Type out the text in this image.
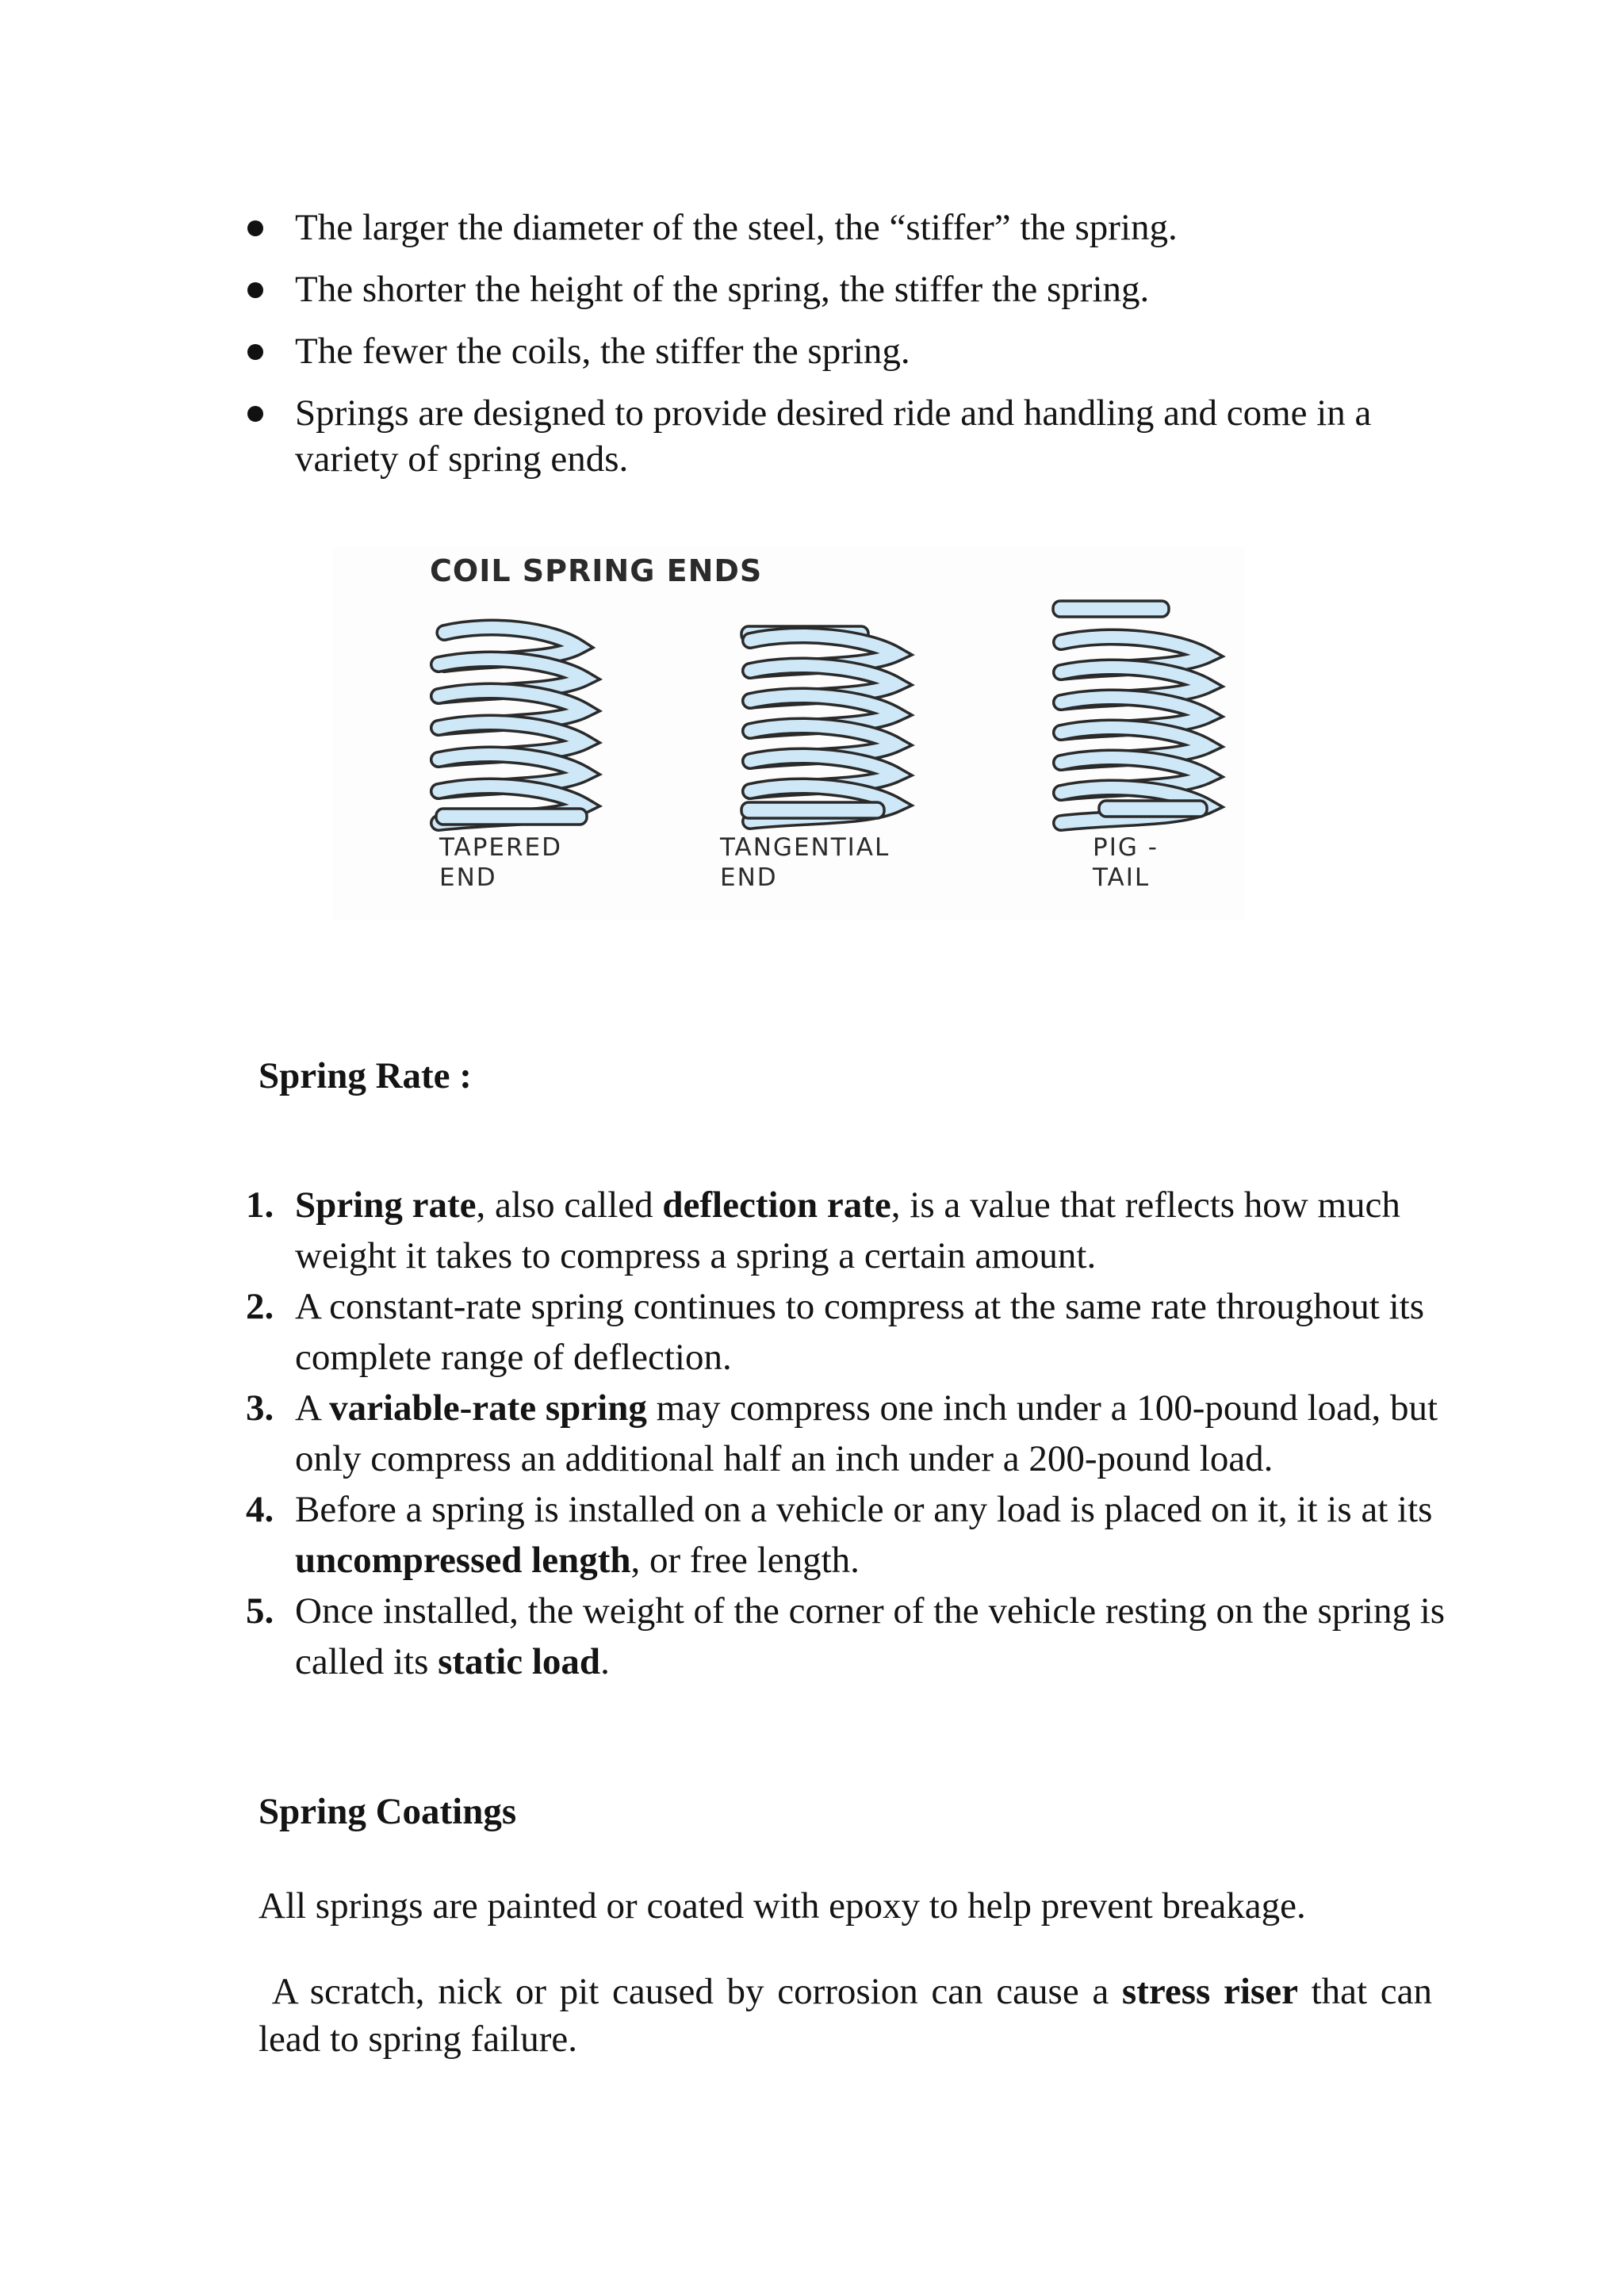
The larger the diameter of the steel, the “stiffer” the spring.
The shorter the height of the spring, the stiffer the spring.
The fewer the coils, the stiffer the spring.
Springs are designed to provide desired ride and handling and come in a variety of spring ends.
COIL SPRING ENDS
TAPERED
END
TANGENTIAL
END
PIG -
TAIL
Spring Rate :
1. Spring rate, also called deflection rate, is a value that reflects how much weight it takes to compress a spring a certain amount.
2. A constant-rate spring continues to compress at the same rate throughout its complete range of deflection.
3. A variable-rate spring may compress one inch under a 100-pound load, but only compress an additional half an inch under a 200-pound load.
4. Before a spring is installed on a vehicle or any load is placed on it, it is at its uncompressed length, or free length.
5. Once installed, the weight of the corner of the vehicle resting on the spring is called its static load.
Spring Coatings
All springs are painted or coated with epoxy to help prevent breakage.
A scratch, nick or pit caused by corrosion can cause a stress riser that can lead to spring failure.
